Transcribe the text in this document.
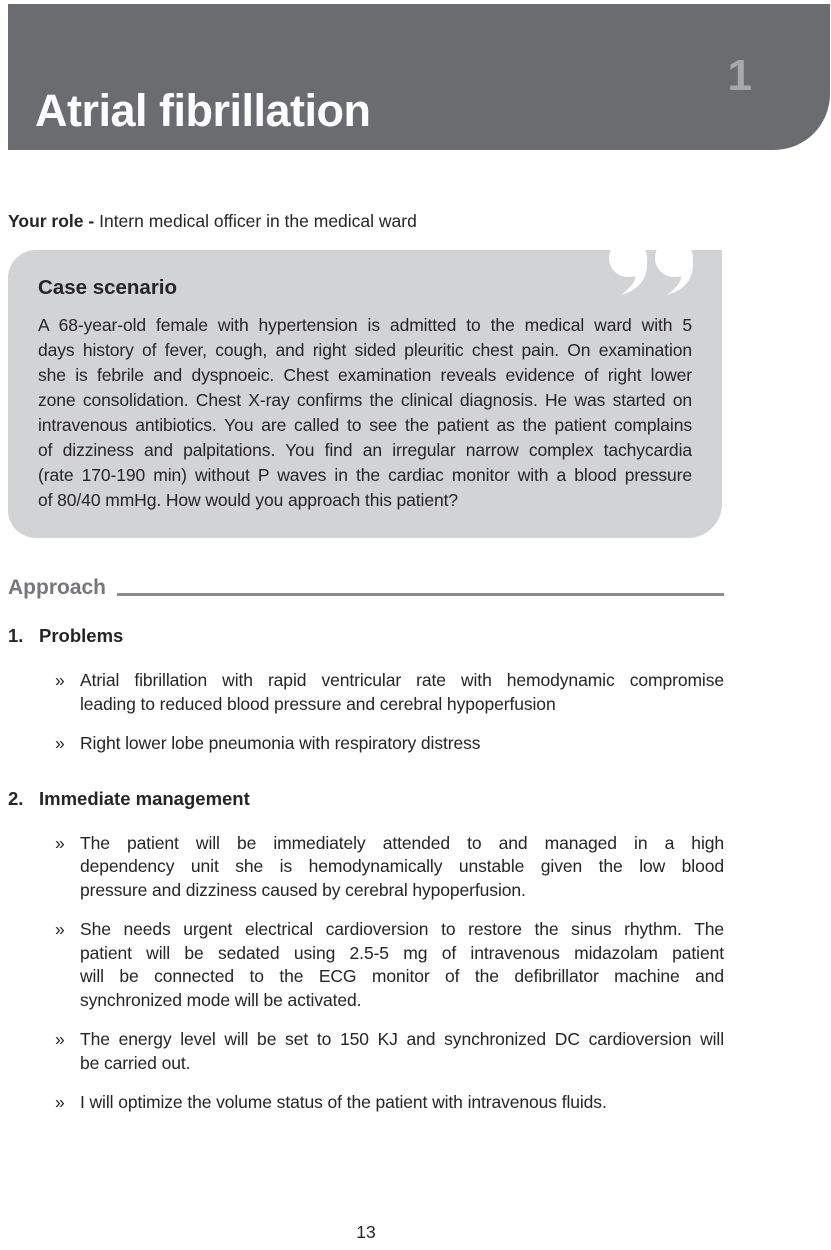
1
Atrial fibrillation

Your role - Intern medical officer in the medical ward

Case scenario
A 68-year-old female with hypertension is admitted to the medical ward with 5
days history of fever, cough, and right sided pleuritic chest pain. On examination
she is febrile and dyspnoeic. Chest examination reveals evidence of right lower
zone consolidation. Chest X-ray confirms the clinical diagnosis. He was started on
intravenous antibiotics. You are called to see the patient as the patient complains
of dizziness and palpitations. You find an irregular narrow complex tachycardia
(rate 170-190 min) without P waves in the cardiac monitor with a blood pressure
of 80/40 mmHg. How would you approach this patient?
Approach
1. Problems
» Atrial fibrillation with rapid ventricular rate with hemodynamic compromise
leading to reduced blood pressure and cerebral hypoperfusion
» Right lower lobe pneumonia with respiratory distress
2. Immediate management
» The patient will be immediately attended to and managed in a high
dependency unit she is hemodynamically unstable given the low blood
pressure and dizziness caused by cerebral hypoperfusion.
» She needs urgent electrical cardioversion to restore the sinus rhythm. The
patient will be sedated using 2.5-5 mg of intravenous midazolam patient
will be connected to the ECG monitor of the defibrillator machine and
synchronized mode will be activated.
» The energy level will be set to 150 KJ and synchronized DC cardioversion will
be carried out.
» I will optimize the volume status of the patient with intravenous fluids.
13
